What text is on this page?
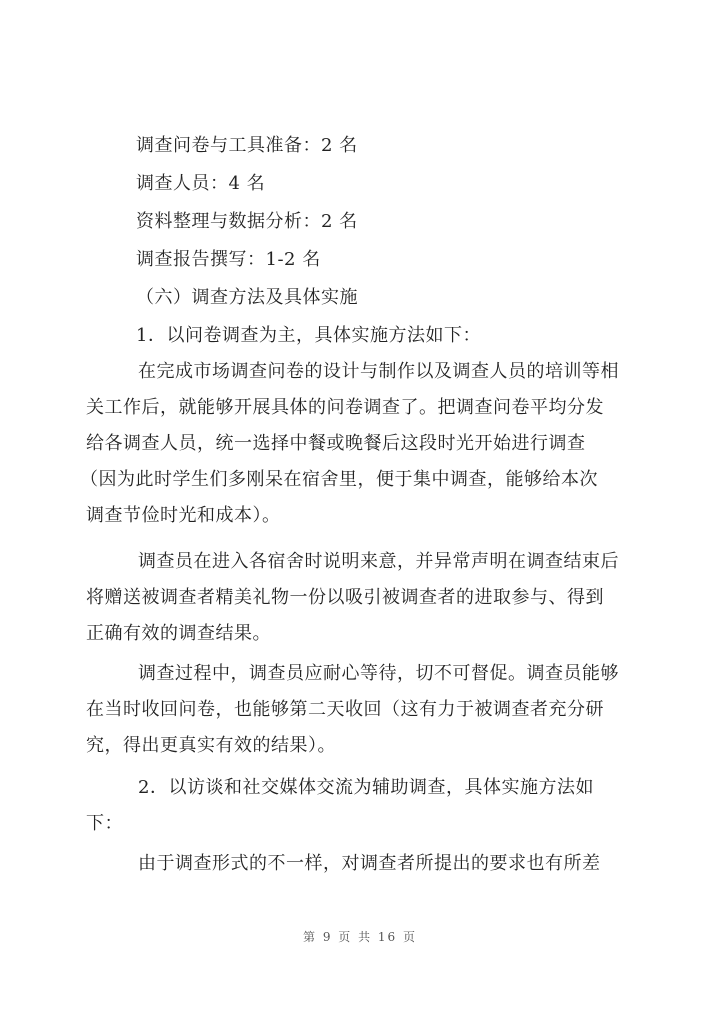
调查问卷与工具准备：2 名
调查人员：4 名
资料整理与数据分析：2 名
调查报告撰写：1-2 名
（六）调查方法及具体实施
1．以问卷调查为主，具体实施方法如下：
在完成市场调查问卷的设计与制作以及调查人员的培训等相
关工作后，就能够开展具体的问卷调查了。把调查问卷平均分发
给各调查人员，统一选择中餐或晚餐后这段时光开始进行调查
（因为此时学生们多刚呆在宿舍里，便于集中调查，能够给本次
调查节俭时光和成本）。
调查员在进入各宿舍时说明来意，并异常声明在调查结束后
将赠送被调查者精美礼物一份以吸引被调查者的进取参与、得到
正确有效的调查结果。
调查过程中，调查员应耐心等待，切不可督促。调查员能够
在当时收回问卷，也能够第二天收回（这有力于被调查者充分研
究，得出更真实有效的结果）。
2．以访谈和社交媒体交流为辅助调查，具体实施方法如
下：
由于调查形式的不一样，对调查者所提出的要求也有所差
第 9 页 共 16 页
